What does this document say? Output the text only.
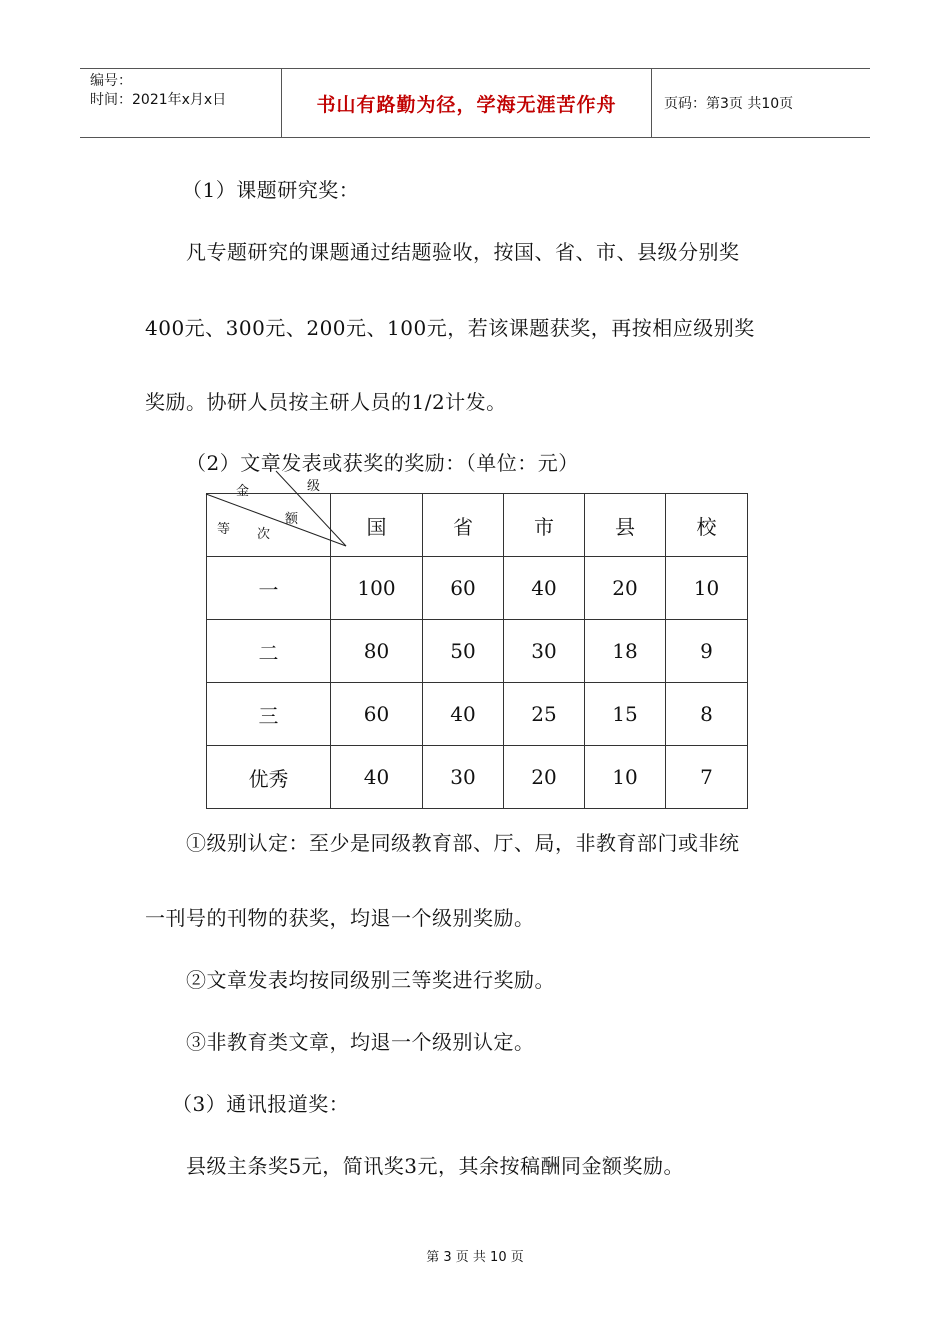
编号：
时间：2021年x月x日	书山有路勤为径，学海无涯苦作舟	页码：第3页 共10页
（1）课题研究奖：
凡专题研究的课题通过结题验收，按国、省、市、县级分别奖
400元、300元、200元、100元，若该课题获奖，再按相应级别奖
奖励。协研人员按主研人员的1/2计发。
（2）文章发表或获奖的奖励：（单位：元）
金 级
额
等 次	国	省	市	县	校
一	100	60	40	20	10
二	80	50	30	18	9
三	60	40	25	15	8
优秀	40	30	20	10	7
①级别认定：至少是同级教育部、厅、局，非教育部门或非统
一刊号的刊物的获奖，均退一个级别奖励。
②文章发表均按同级别三等奖进行奖励。
③非教育类文章，均退一个级别认定。
（3）通讯报道奖：
县级主条奖5元，简讯奖3元，其余按稿酬同金额奖励。
第 3 页 共 10 页
